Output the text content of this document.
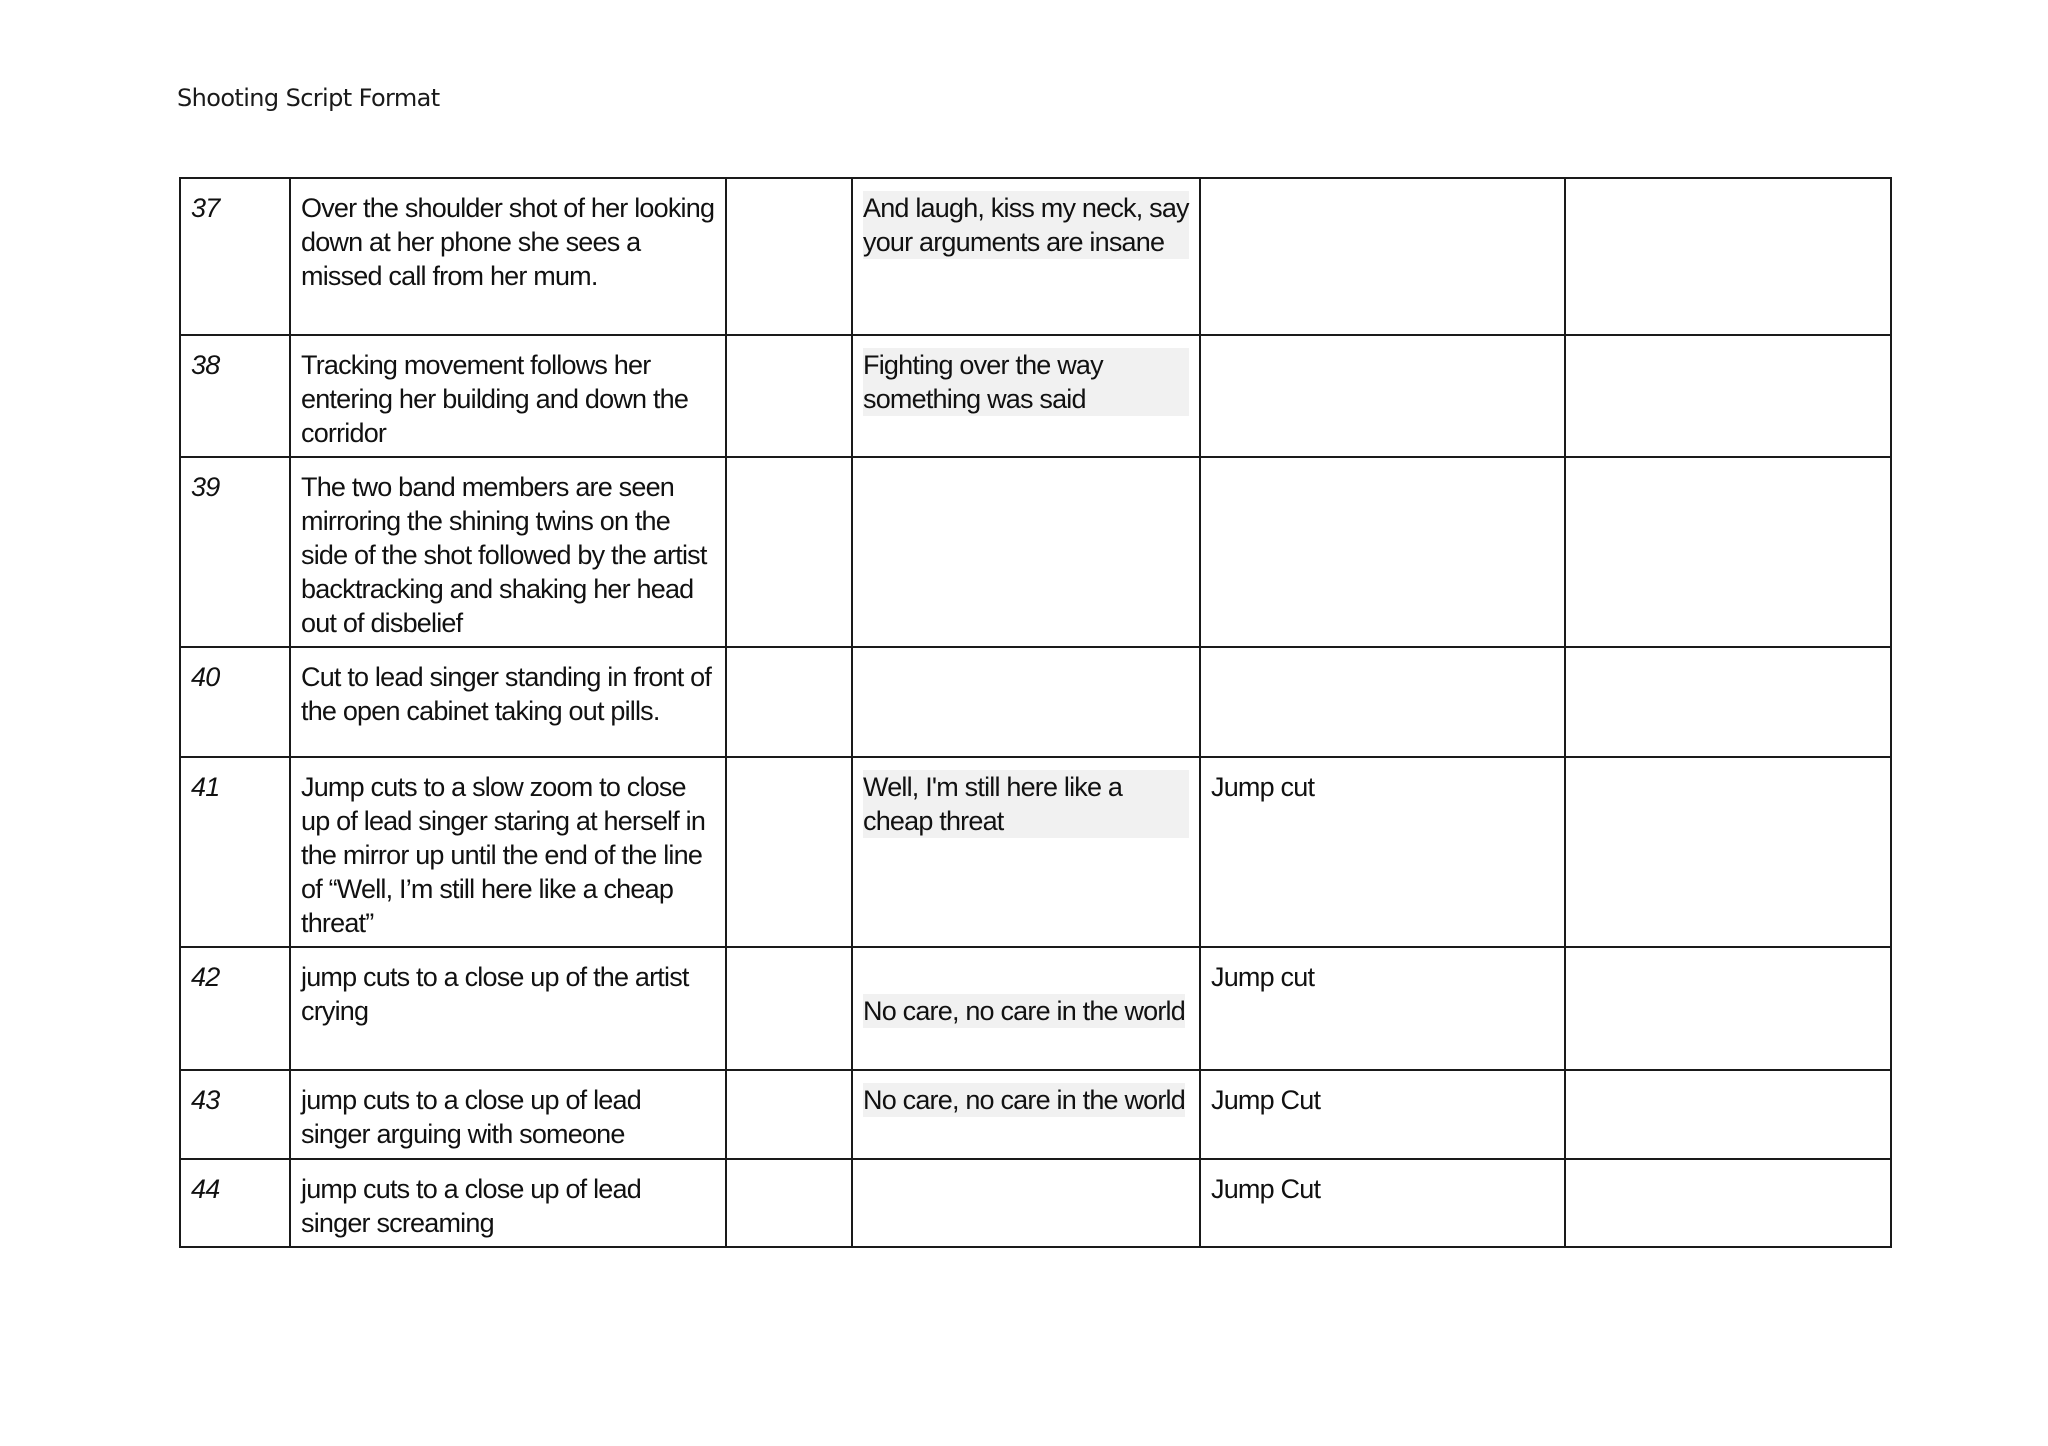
Shooting Script Format
37	Over the shoulder shot of her looking down at her phone she sees a missed call from her mum.		And laugh, kiss my neck, say your arguments are insane		
38	Tracking movement follows her entering her building and down the corridor		Fighting over the way something was said		
39	The two band members are seen mirroring the shining twins on the side of the shot followed by the artist backtracking and shaking her head out of disbelief				
40	Cut to lead singer standing in front of the open cabinet taking out pills.				
41	Jump cuts to a slow zoom to close up of lead singer staring at herself in the mirror up until the end of the line of “Well, I’m still here like a cheap threat”		Well, I'm still here like a cheap threat	Jump cut	
42	jump cuts to a close up of the artist crying		No care, no care in the world	Jump cut	
43	jump cuts to a close up of lead singer arguing with someone		No care, no care in the world	Jump Cut	
44	jump cuts to a close up of lead singer screaming			Jump Cut	
